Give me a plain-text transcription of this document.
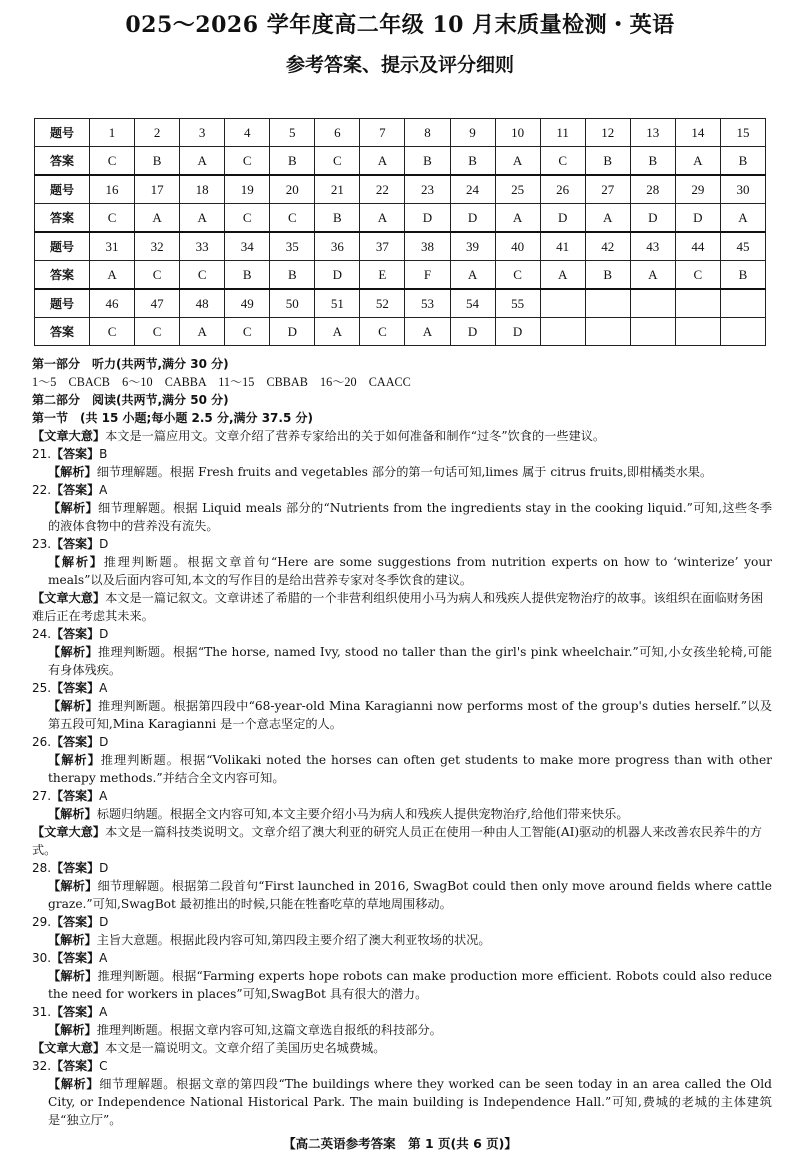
025～2026 学年度高二年级 10 月末质量检测・英语
参考答案、提示及评分细则
题号	1	2	3	4	5	6	7	8	9	10	11	12	13	14	15
答案	C	B	A	C	B	C	A	B	B	A	C	B	B	A	B
题号	16	17	18	19	20	21	22	23	24	25	26	27	28	29	30
答案	C	A	A	C	C	B	A	D	D	A	D	A	D	D	A
题号	31	32	33	34	35	36	37	38	39	40	41	42	43	44	45
答案	A	C	C	B	B	D	E	F	A	C	A	B	A	C	B
题号	46	47	48	49	50	51	52	53	54	55					
答案	C	C	A	C	D	A	C	A	D	D					

第一部分　听力(共两节,满分 30 分)

1～5　CBACB　6～10　CABBA　11～15　CBBAB　16～20　CAACC

第二部分　阅读(共两节,满分 50 分)

第一节　(共 15 小题;每小题 2.5 分,满分 37.5 分)

【文章大意】本文是一篇应用文。文章介绍了营养专家给出的关于如何准备和制作“过冬”饮食的一些建议。

21.【答案】B

【解析】细节理解题。根据 Fresh fruits and vegetables 部分的第一句话可知,limes 属于 citrus fruits,即柑橘类水果。

22.【答案】A

【解析】细节理解题。根据 Liquid meals 部分的“Nutrients from the ingredients stay in the cooking liquid.”可知,这些冬季的液体食物中的营养没有流失。

23.【答案】D

【解析】推理判断题。根据文章首句“Here are some suggestions from nutrition experts on how to ‘winterize’ your meals”以及后面内容可知,本文的写作目的是给出营养专家对冬季饮食的建议。

【文章大意】本文是一篇记叙文。文章讲述了希腊的一个非营利组织使用小马为病人和残疾人提供宠物治疗的故事。该组织在面临财务困难后正在考虑其未来。

24.【答案】D

【解析】推理判断题。根据“The horse, named Ivy, stood no taller than the girl's pink wheelchair.”可知,小女孩坐轮椅,可能有身体残疾。

25.【答案】A

【解析】推理判断题。根据第四段中“68-year-old Mina Karagianni now performs most of the group's duties herself.”以及第五段可知,Mina Karagianni 是一个意志坚定的人。

26.【答案】D

【解析】推理判断题。根据“Volikaki noted the horses can often get students to make more progress than with other therapy methods.”并结合全文内容可知。

27.【答案】A

【解析】标题归纳题。根据全文内容可知,本文主要介绍小马为病人和残疾人提供宠物治疗,给他们带来快乐。

【文章大意】本文是一篇科技类说明文。文章介绍了澳大利亚的研究人员正在使用一种由人工智能(AI)驱动的机器人来改善农民养牛的方式。

28.【答案】D

【解析】细节理解题。根据第二段首句“First launched in 2016, SwagBot could then only move around fields where cattle graze.”可知,SwagBot 最初推出的时候,只能在牲畜吃草的草地周围移动。

29.【答案】D

【解析】主旨大意题。根据此段内容可知,第四段主要介绍了澳大利亚牧场的状况。

30.【答案】A

【解析】推理判断题。根据“Farming experts hope robots can make production more efficient. Robots could also reduce the need for workers in places”可知,SwagBot 具有很大的潜力。

31.【答案】A

【解析】推理判断题。根据文章内容可知,这篇文章选自报纸的科技部分。

【文章大意】本文是一篇说明文。文章介绍了美国历史名城费城。

32.【答案】C

【解析】细节理解题。根据文章的第四段“The buildings where they worked can be seen today in an area called the Old City, or Independence National Historical Park. The main building is Independence Hall.”可知,费城的老城的主体建筑是“独立厅”。

【高二英语参考答案　第 1 页(共 6 页)】
